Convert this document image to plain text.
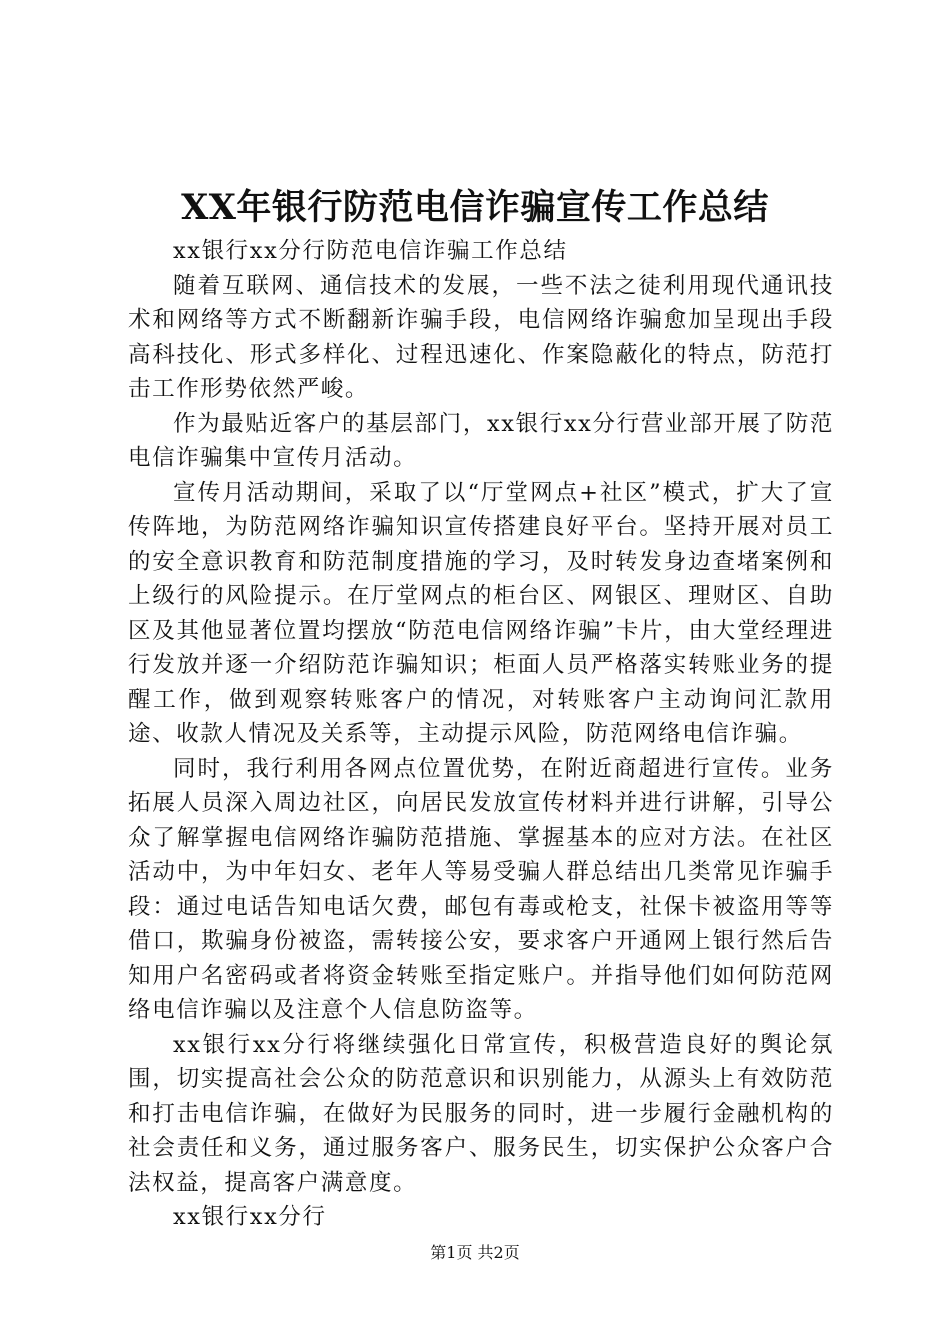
XX年银行防范电信诈骗宣传工作总结

xx银行xx分行防范电信诈骗工作总结

随着互联网、通信技术的发展，一些不法之徒利用现代通讯技术和网络等方式不断翻新诈骗手段，电信网络诈骗愈加呈现出手段高科技化、形式多样化、过程迅速化、作案隐蔽化的特点，防范打击工作形势依然严峻。

作为最贴近客户的基层部门，xx银行xx分行营业部开展了防范电信诈骗集中宣传月活动。

宣传月活动期间，采取了以“厅堂网点+社区”模式，扩大了宣传阵地，为防范网络诈骗知识宣传搭建良好平台。坚持开展对员工的安全意识教育和防范制度措施的学习，及时转发身边查堵案例和上级行的风险提示。在厅堂网点的柜台区、网银区、理财区、自助区及其他显著位置均摆放“防范电信网络诈骗”卡片，由大堂经理进行发放并逐一介绍防范诈骗知识；柜面人员严格落实转账业务的提醒工作，做到观察转账客户的情况，对转账客户主动询问汇款用途、收款人情况及关系等，主动提示风险，防范网络电信诈骗。

同时，我行利用各网点位置优势，在附近商超进行宣传。业务拓展人员深入周边社区，向居民发放宣传材料并进行讲解，引导公众了解掌握电信网络诈骗防范措施、掌握基本的应对方法。在社区活动中，为中年妇女、老年人等易受骗人群总结出几类常见诈骗手段：通过电话告知电话欠费，邮包有毒或枪支，社保卡被盗用等等借口，欺骗身份被盗，需转接公安，要求客户开通网上银行然后告知用户名密码或者将资金转账至指定账户。并指导他们如何防范网络电信诈骗以及注意个人信息防盗等。

xx银行xx分行将继续强化日常宣传，积极营造良好的舆论氛围，切实提高社会公众的防范意识和识别能力，从源头上有效防范和打击电信诈骗，在做好为民服务的同时，进一步履行金融机构的社会责任和义务，通过服务客户、服务民生，切实保护公众客户合法权益，提高客户满意度。

xx银行xx分行

第1页 共2页
